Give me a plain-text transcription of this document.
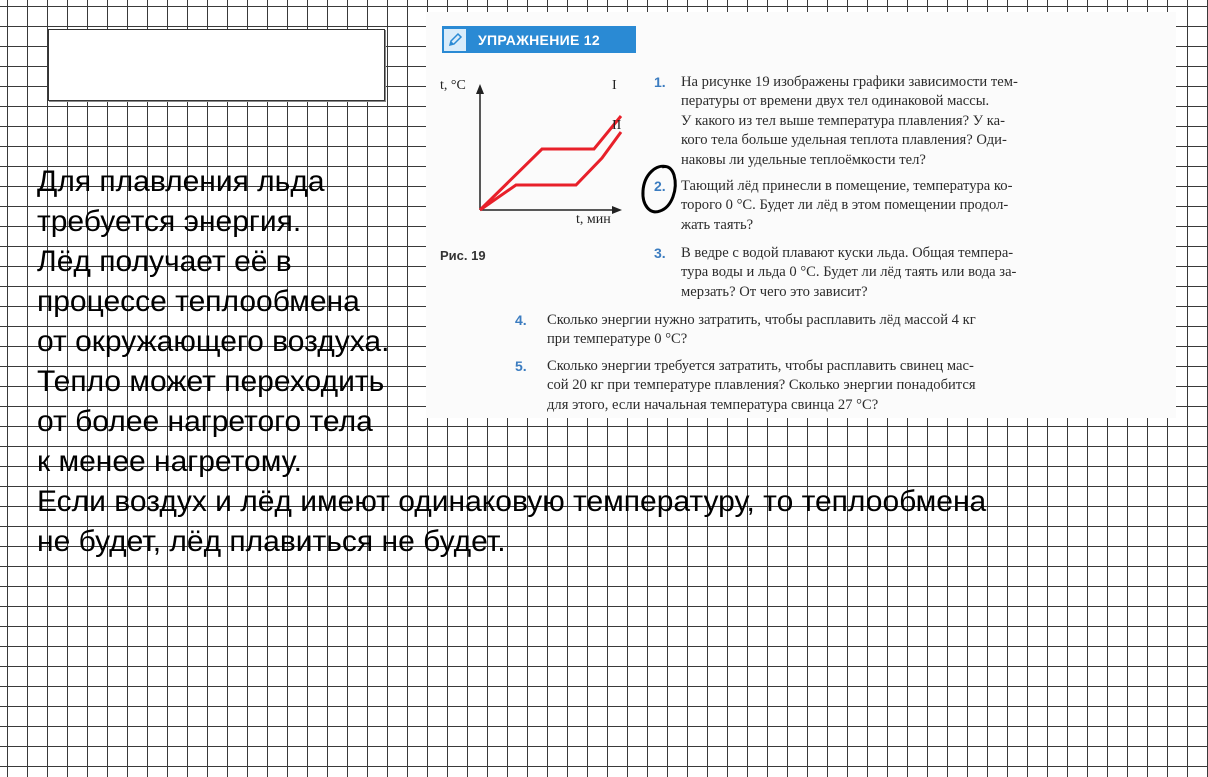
УПРАЖНЕНИЕ 12
t, °C
t, мин
I
II
Рис. 19
1. На рисунке 19 изображены графики зависимости тем-
пературы от времени двух тел одинаковой массы.
У какого из тел выше температура плавления? У ка-
кого тела больше удельная теплота плавления? Оди-
наковы ли удельные теплоёмкости тел?
2. Тающий лёд принесли в помещение, температура ко-
торого 0 °С. Будет ли лёд в этом помещении продол-
жать таять?
3. В ведре с водой плавают куски льда. Общая темпера-
тура воды и льда 0 °С. Будет ли лёд таять или вода за-
мерзать? От чего это зависит?
4. Сколько энергии нужно затратить, чтобы расплавить лёд массой 4 кг
при температуре 0 °С?
5. Сколько энергии требуется затратить, чтобы расплавить свинец мас-
сой 20 кг при температуре плавления? Сколько энергии понадобится
для этого, если начальная температура свинца 27 °С?
Для плавления льда
требуется энергия.
Лёд получает её в
процессе теплообмена
от окружающего воздуха.
Тепло может переходить
от более нагретого тела
к менее нагретому.
Если воздух и лёд имеют одинаковую температуру, то теплообмена
не будет, лёд плавиться не будет.
